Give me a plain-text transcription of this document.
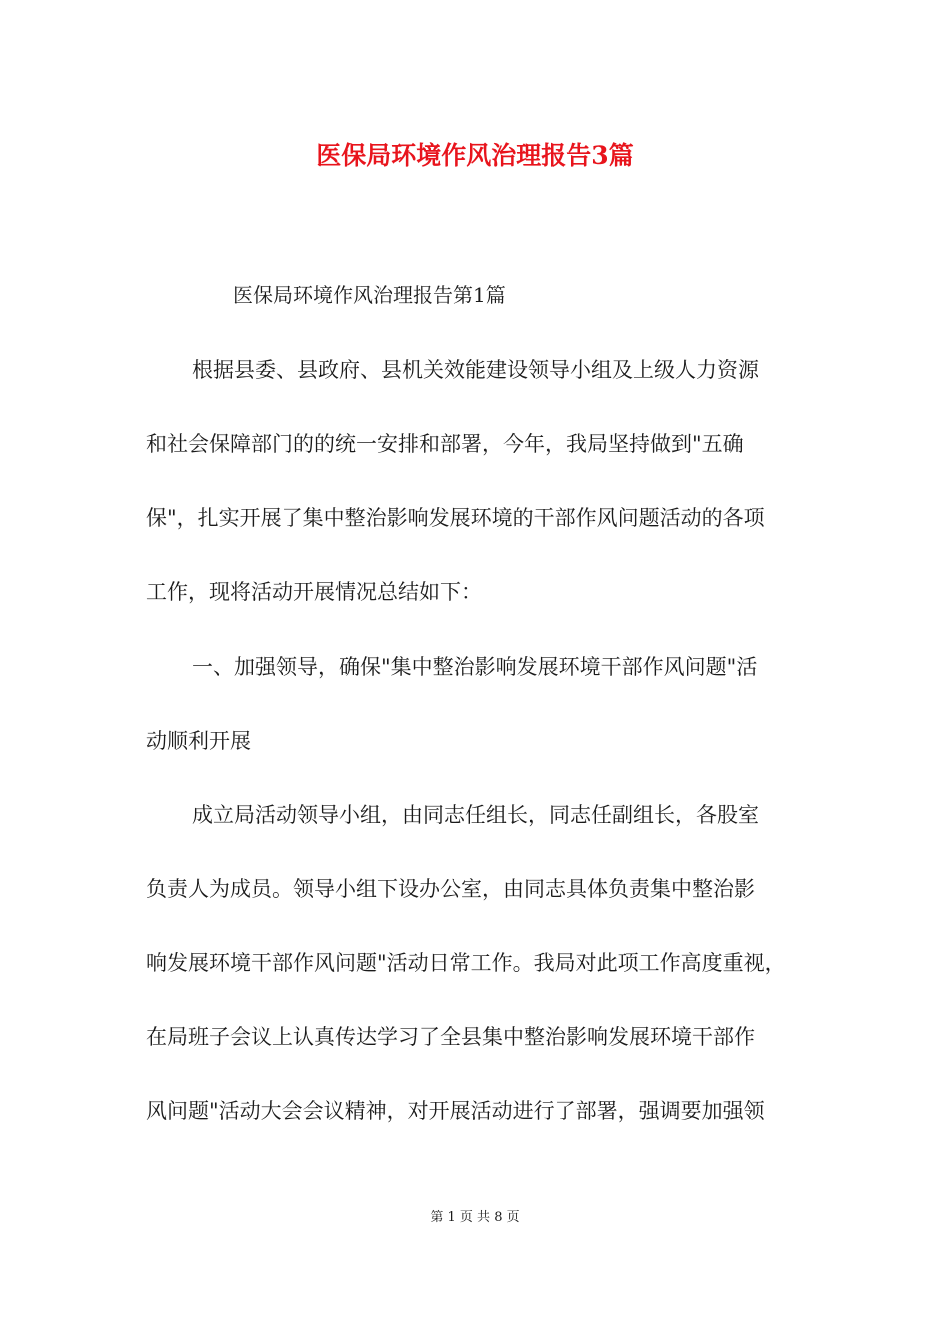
医保局环境作风治理报告3篇
医保局环境作风治理报告第1篇
根据县委、县政府、县机关效能建设领导小组及上级人力资源
和社会保障部门的的统一安排和部署，今年，我局坚持做到"五确
保"，扎实开展了集中整治影响发展环境的干部作风问题活动的各项
工作，现将活动开展情况总结如下：
一、加强领导，确保"集中整治影响发展环境干部作风问题"活
动顺利开展
成立局活动领导小组，由同志任组长，同志任副组长，各股室
负责人为成员。领导小组下设办公室，由同志具体负责集中整治影
响发展环境干部作风问题"活动日常工作。我局对此项工作高度重视，
在局班子会议上认真传达学习了全县集中整治影响发展环境干部作
风问题"活动大会会议精神，对开展活动进行了部署，强调要加强领
第 1 页 共 8 页
